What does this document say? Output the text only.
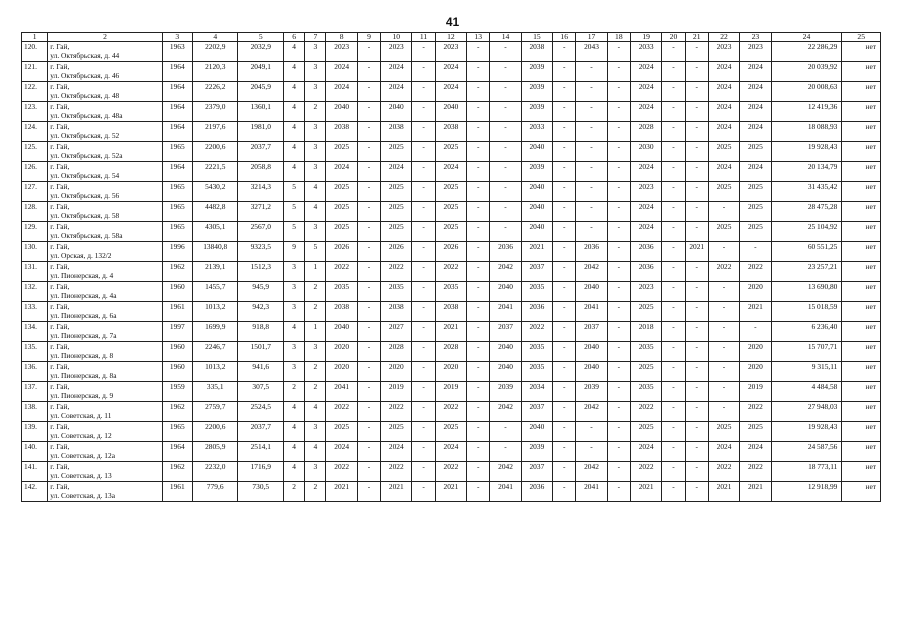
41
1	2	3	4	5	6	7	8	9	10	11	12	13	14	15	16	17	18	19	20	21	22	23	24	25
120.	г. Гай,
ул. Октябрьская, д. 44	1963	2202,9	2032,9	4	3	2023	-	2023	-	2023	-	-	2038	-	2043	-	2033	-	-	2023	2023	22 286,29	нет
121.	г. Гай,
ул. Октябрьская, д. 46	1964	2120,3	2049,1	4	3	2024	-	2024	-	2024	-	-	2039	-	-	-	2024	-	-	2024	2024	20 039,92	нет
122.	г. Гай,
ул. Октябрьская, д. 48	1964	2226,2	2045,9	4	3	2024	-	2024	-	2024	-	-	2039	-	-	-	2024	-	-	2024	2024	20 008,63	нет
123.	г. Гай,
ул. Октябрьская, д. 48а	1964	2379,0	1360,1	4	2	2040	-	2040	-	2040	-	-	2039	-	-	-	2024	-	-	2024	2024	12 419,36	нет
124.	г. Гай,
ул. Октябрьская, д. 52	1964	2197,6	1981,0	4	3	2038	-	2038	-	2038	-	-	2033	-	-	-	2028	-	-	2024	2024	18 088,93	нет
125.	г. Гай,
ул. Октябрьская, д. 52а	1965	2200,6	2037,7	4	3	2025	-	2025	-	2025	-	-	2040	-	-	-	2030	-	-	2025	2025	19 928,43	нет
126.	г. Гай,
ул. Октябрьская, д. 54	1964	2221,5	2058,8	4	3	2024	-	2024	-	2024	-	-	2039	-	-	-	2024	-	-	2024	2024	20 134,79	нет
127.	г. Гай,
ул. Октябрьская, д. 56	1965	5430,2	3214,3	5	4	2025	-	2025	-	2025	-	-	2040	-	-	-	2023	-	-	2025	2025	31 435,42	нет
128.	г. Гай,
ул. Октябрьская, д. 58	1965	4482,8	3271,2	5	4	2025	-	2025	-	2025	-	-	2040	-	-	-	2024	-	-	-	2025	28 475,28	нет
129.	г. Гай,
ул. Октябрьская, д. 58а	1965	4305,1	2567,0	5	3	2025	-	2025	-	2025	-	-	2040	-	-	-	2024	-	-	2025	2025	25 104,92	нет
130.	г. Гай,
ул. Орская, д. 132/2	1996	13840,8	9323,5	9	5	2026	-	2026	-	2026	-	2036	2021	-	2036	-	2036	-	2021	-	-	60 551,25	нет
131.	г. Гай,
ул. Пионерская, д. 4	1962	2139,1	1512,3	3	1	2022	-	2022	-	2022	-	2042	2037	-	2042	-	2036	-	-	2022	2022	23 257,21	нет
132.	г. Гай,
ул. Пионерская, д. 4а	1960	1455,7	945,9	3	2	2035	-	2035	-	2035	-	2040	2035	-	2040	-	2023	-	-	-	2020	13 690,80	нет
133.	г. Гай,
ул. Пионерская, д. 6а	1961	1013,2	942,3	3	2	2038	-	2038	-	2038	-	2041	2036	-	2041	-	2025	-	-	-	2021	15 018,59	нет
134.	г. Гай,
ул. Пионерская, д. 7а	1997	1699,9	918,8	4	1	2040	-	2027	-	2021	-	2037	2022	-	2037	-	2018	-	-	-	-	6 236,40	нет
135.	г. Гай,
ул. Пионерская, д. 8	1960	2246,7	1501,7	3	3	2020	-	2028	-	2028	-	2040	2035	-	2040	-	2035	-	-	-	2020	15 707,71	нет
136.	г. Гай,
ул. Пионерская, д. 8а	1960	1013,2	941,6	3	2	2020	-	2020	-	2020	-	2040	2035	-	2040	-	2025	-	-	-	2020	9 315,11	нет
137.	г. Гай,
ул. Пионерская, д. 9	1959	335,1	307,5	2	2	2041	-	2019	-	2019	-	2039	2034	-	2039	-	2035	-	-	-	2019	4 484,58	нет
138.	г. Гай,
ул. Советская, д. 11	1962	2759,7	2524,5	4	4	2022	-	2022	-	2022	-	2042	2037	-	2042	-	2022	-	-	-	2022	27 948,03	нет
139.	г. Гай,
ул. Советская, д. 12	1965	2200,6	2037,7	4	3	2025	-	2025	-	2025	-	-	2040	-	-	-	2025	-	-	2025	2025	19 928,43	нет
140.	г. Гай,
ул. Советская, д. 12а	1964	2805,9	2514,1	4	4	2024	-	2024	-	2024	-	-	2039	-	-	-	2024	-	-	2024	2024	24 587,56	нет
141.	г. Гай,
ул. Советская, д. 13	1962	2232,0	1716,9	4	3	2022	-	2022	-	2022	-	2042	2037	-	2042	-	2022	-	-	2022	2022	18 773,11	нет
142.	г. Гай,
ул. Советская, д. 13а	1961	779,6	730,5	2	2	2021	-	2021	-	2021	-	2041	2036	-	2041	-	2021	-	-	2021	2021	12 918,99	нет
